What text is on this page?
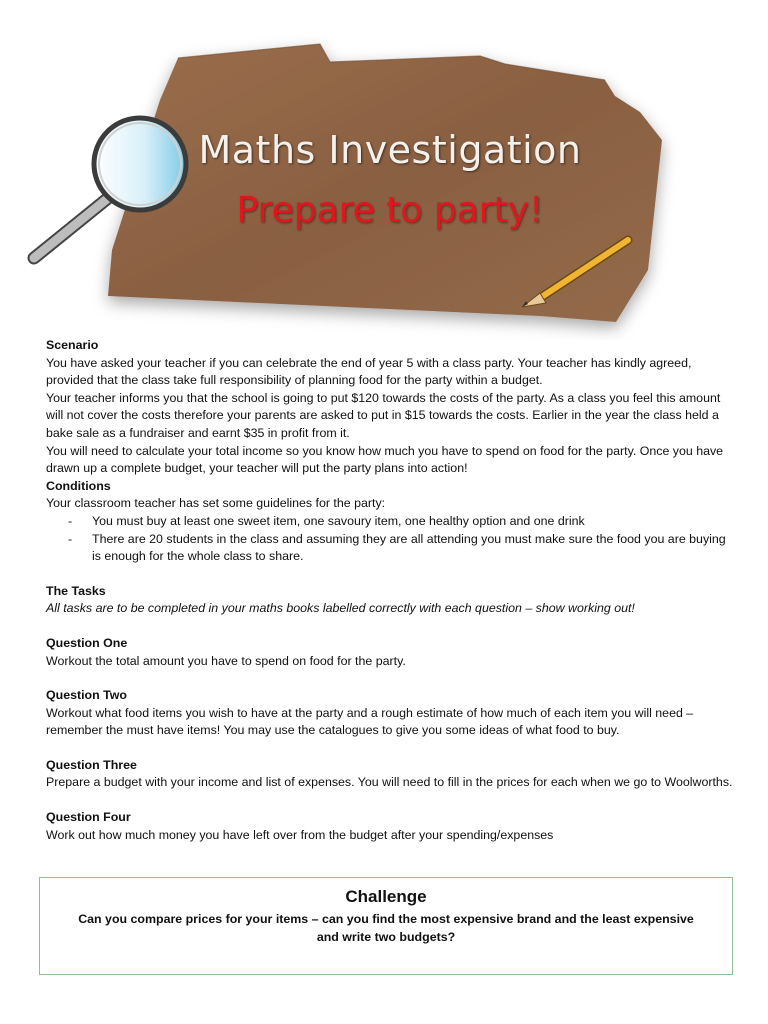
Maths Investigation
Prepare to party!

Scenario

You have asked your teacher if you can celebrate the end of year 5 with a class party. Your teacher has kindly agreed, provided that the class take full responsibility of planning food for the party within a budget.

Your teacher informs you that the school is going to put $120 towards the costs of the party. As a class you feel this amount will not cover the costs therefore your parents are asked to put in $15 towards the costs. Earlier in the year the class held a bake sale as a fundraiser and earnt $35 in profit from it.

You will need to calculate your total income so you know how much you have to spend on food for the party. Once you have drawn up a complete budget, your teacher will put the party plans into action!

Conditions

Your classroom teacher has set some guidelines for the party:

- You must buy at least one sweet item, one savoury item, one healthy option and one drink
- There are 20 students in the class and assuming they are all attending you must make sure the food you are buying is enough for the whole class to share.

The Tasks

All tasks are to be completed in your maths books labelled correctly with each question – show working out!

Question One

Workout the total amount you have to spend on food for the party.

Question Two

Workout what food items you wish to have at the party and a rough estimate of how much of each item you will need – remember the must have items! You may use the catalogues to give you some ideas of what food to buy.

Question Three

Prepare a budget with your income and list of expenses. You will need to fill in the prices for each when we go to Woolworths.

Question Four

Work out how much money you have left over from the budget after your spending/expenses

Challenge
Can you compare prices for your items – can you find the most expensive brand and the least expensive and write two budgets?
